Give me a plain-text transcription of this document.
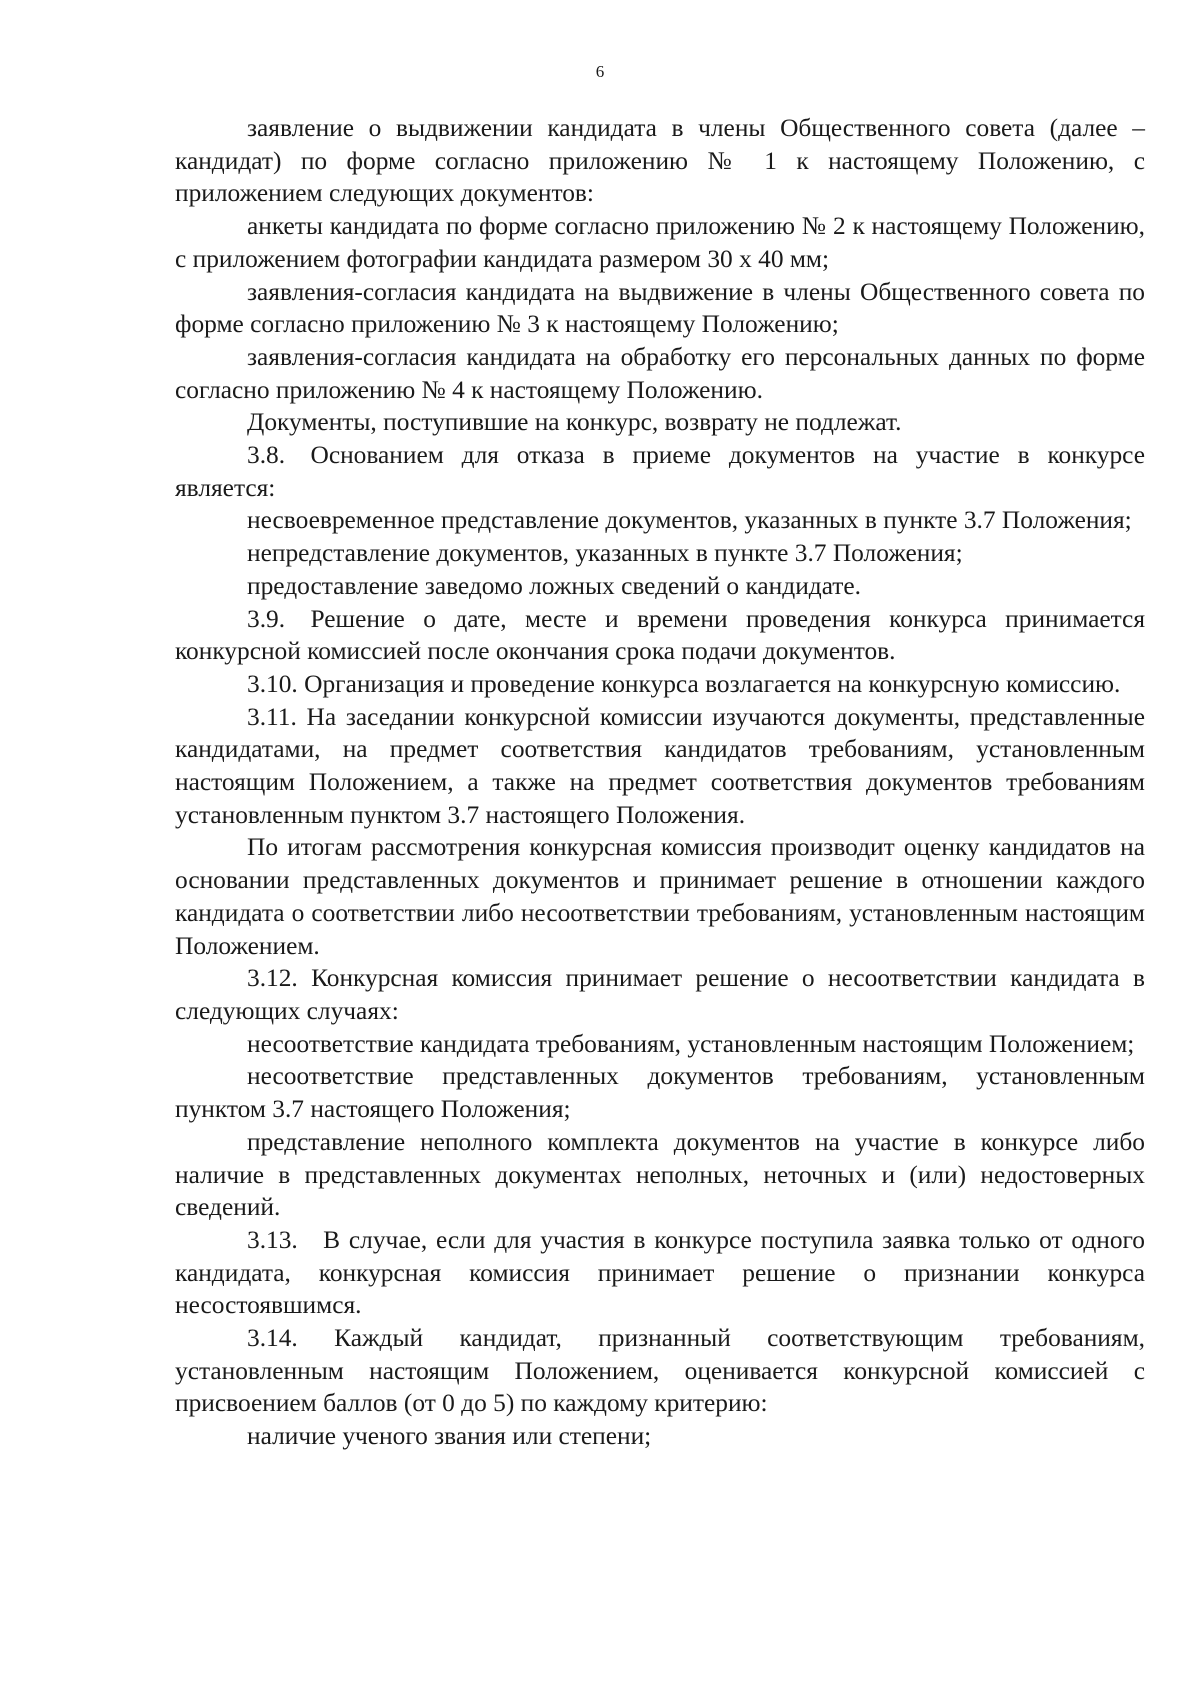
6

заявление о выдвижении кандидата в члены Общественного совета (далее – кандидат) по форме согласно приложению № 1 к настоящему Положению, с приложением следующих документов:

анкеты кандидата по форме согласно приложению № 2 к настоящему Положению, с приложением фотографии кандидата размером 30 х 40 мм;

заявления-согласия кандидата на выдвижение в члены Общественного совета по форме согласно приложению № 3 к настоящему Положению;

заявления-согласия кандидата на обработку его персональных данных по форме согласно приложению № 4 к настоящему Положению.

Документы, поступившие на конкурс, возврату не подлежат.

3.8. Основанием для отказа в приеме документов на участие в конкурсе является:

несвоевременное представление документов, указанных в пункте 3.7 Положения;

непредставление документов, указанных в пункте 3.7 Положения;

предоставление заведомо ложных сведений о кандидате.

3.9. Решение о дате, месте и времени проведения конкурса принимается конкурсной комиссией после окончания срока подачи документов.

3.10. Организация и проведение конкурса возлагается на конкурсную комиссию.

3.11. На заседании конкурсной комиссии изучаются документы, представленные кандидатами, на предмет соответствия кандидатов требованиям, установленным настоящим Положением, а также на предмет соответствия документов требованиям установленным пунктом 3.7 настоящего Положения.

По итогам рассмотрения конкурсная комиссия производит оценку кандидатов на основании представленных документов и принимает решение в отношении каждого кандидата о соответствии либо несоответствии требованиям, установленным настоящим Положением.

3.12. Конкурсная комиссия принимает решение о несоответствии кандидата в следующих случаях:

несоответствие кандидата требованиям, установленным настоящим Положением;

несоответствие представленных документов требованиям, установленным пунктом 3.7 настоящего Положения;

представление неполного комплекта документов на участие в конкурсе либо наличие в представленных документах неполных, неточных и (или) недостоверных сведений.

3.13. В случае, если для участия в конкурсе поступила заявка только от одного кандидата, конкурсная комиссия принимает решение о признании конкурса несостоявшимся.

3.14. Каждый кандидат, признанный соответствующим требованиям, установленным настоящим Положением, оценивается конкурсной комиссией с присвоением баллов (от 0 до 5) по каждому критерию:

наличие ученого звания или степени;
